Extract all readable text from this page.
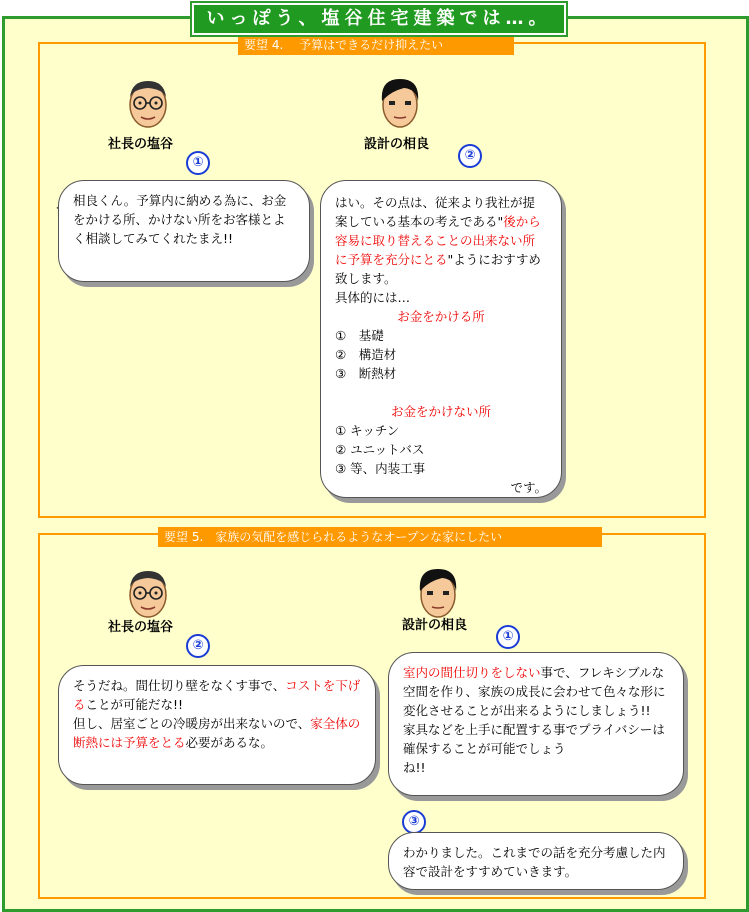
いっぽう、塩谷住宅建築では…。
要望 4.　 予算はできるだけ抑えたい
社長の塩谷
①
設計の相良
②
相良くん。予算内に納める為に、お金をかける所、かけない所をお客様とよく相談してみてくれたまえ!!
はい。その点は、従来より我社が提案している基本の考えである"後から容易に取り替えることの出来ない所に予算を充分にとる"ようにおすすめ致します。
具体的には…
お金をかける所
①　基礎
②　構造材
③　断熱材

お金をかけない所
① キッチン
② ユニットバス
③ 等、内装工事
です。
要望 5.　家族の気配を感じられるようなオープンな家にしたい
社長の塩谷
②
設計の相良
①
そうだね。間仕切り壁をなくす事で、コストを下げることが可能だな!!
但し、居室ごとの冷暖房が出来ないので、家全体の断熱には予算をとる必要があるな。
室内の間仕切りをしない事で、フレキシブルな空間を作り、家族の成長に会わせて色々な形に変化させることが出来るようにしましょう!!
家具などを上手に配置する事でプライバシーは確保することが可能でしょう
ね!!
③
わかりました。これまでの話を充分考慮した内容で設計をすすめていきます。
